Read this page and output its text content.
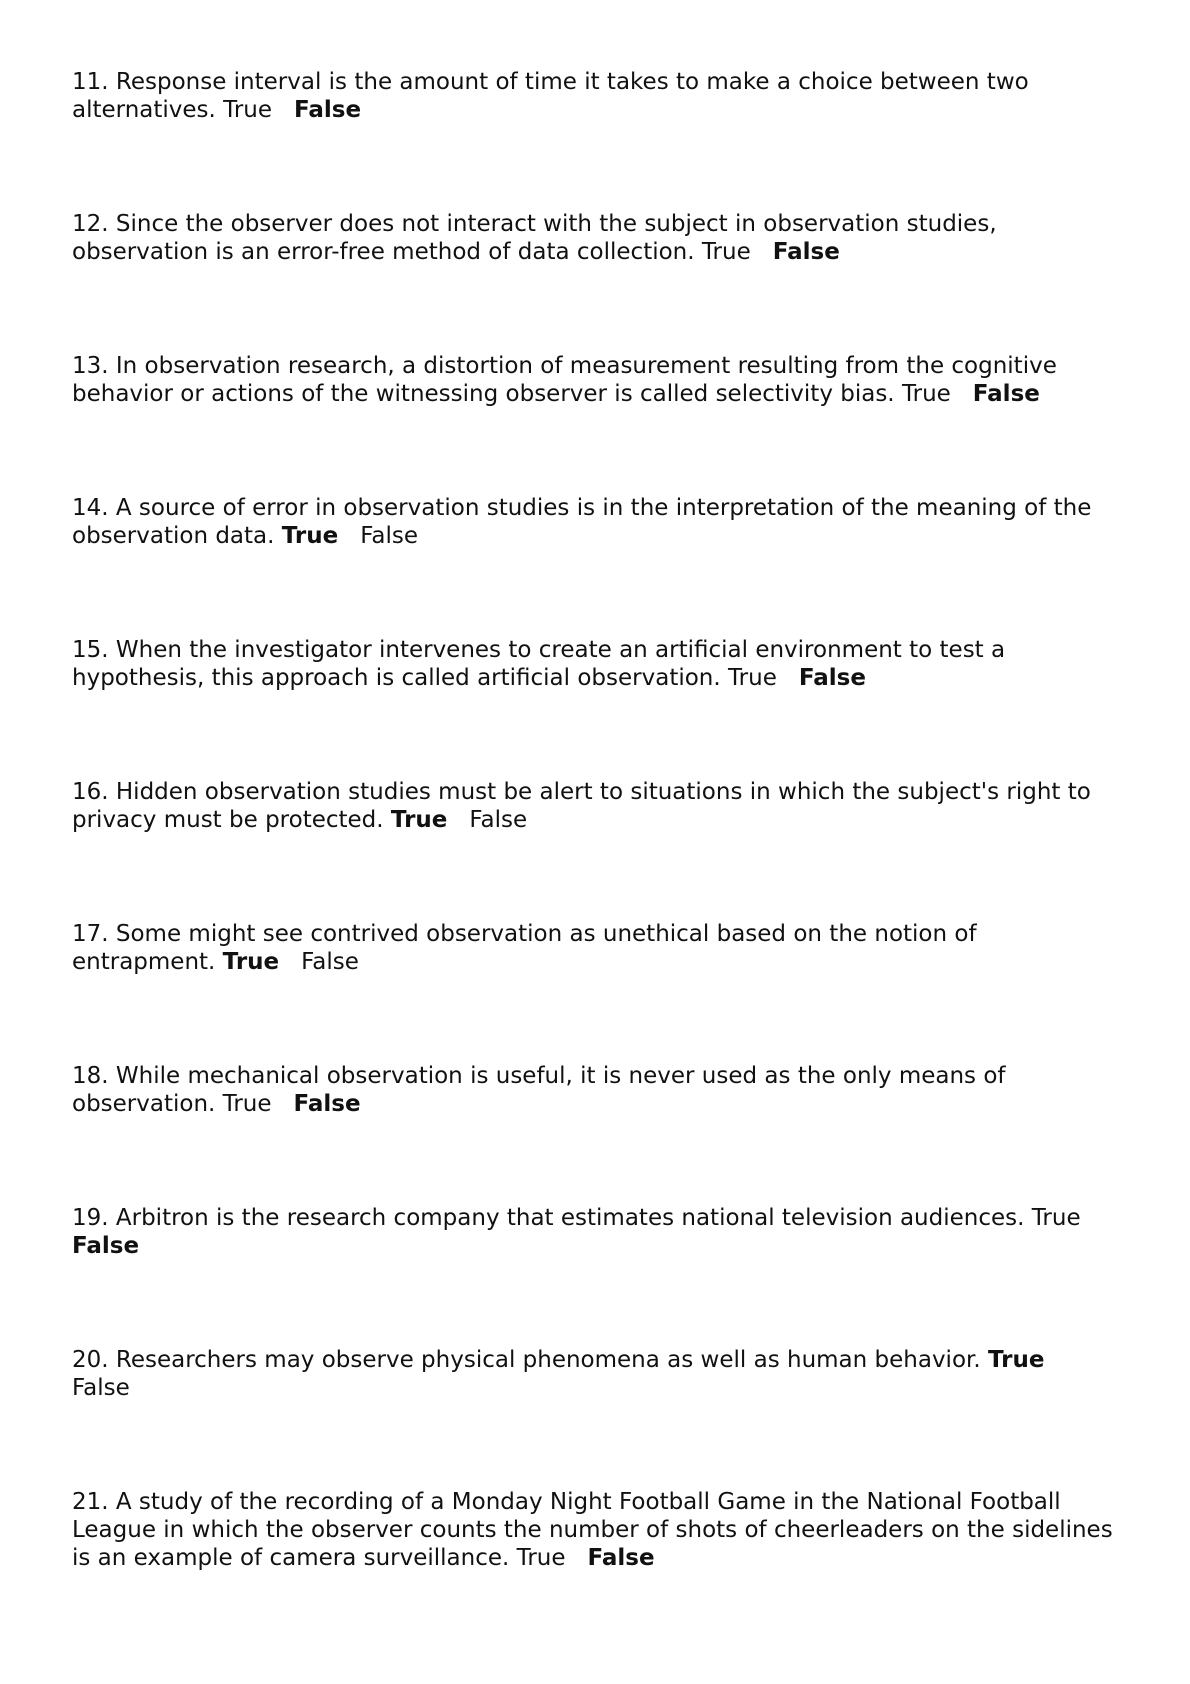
11. Response interval is the amount of time it takes to make a choice between two alternatives. True False

12. Since the observer does not interact with the subject in observation studies, observation is an error-free method of data collection. True False

13. In observation research, a distortion of measurement resulting from the cognitive behavior or actions of the witnessing observer is called selectivity bias. True False

14. A source of error in observation studies is in the interpretation of the meaning of the observation data. True False

15. When the investigator intervenes to create an artificial environment to test a hypothesis, this approach is called artificial observation. True False

16. Hidden observation studies must be alert to situations in which the subject's right to privacy must be protected. True False

17. Some might see contrived observation as unethical based on the notion of entrapment. True False

18. While mechanical observation is useful, it is never used as the only means of observation. True False

19. Arbitron is the research company that estimates national television audiences. TrueFalse

20. Researchers may observe physical phenomena as well as human behavior. TrueFalse

21. A study of the recording of a Monday Night Football Game in the National Football League in which the observer counts the number of shots of cheerleaders on the sidelines is an example of camera surveillance. True False
